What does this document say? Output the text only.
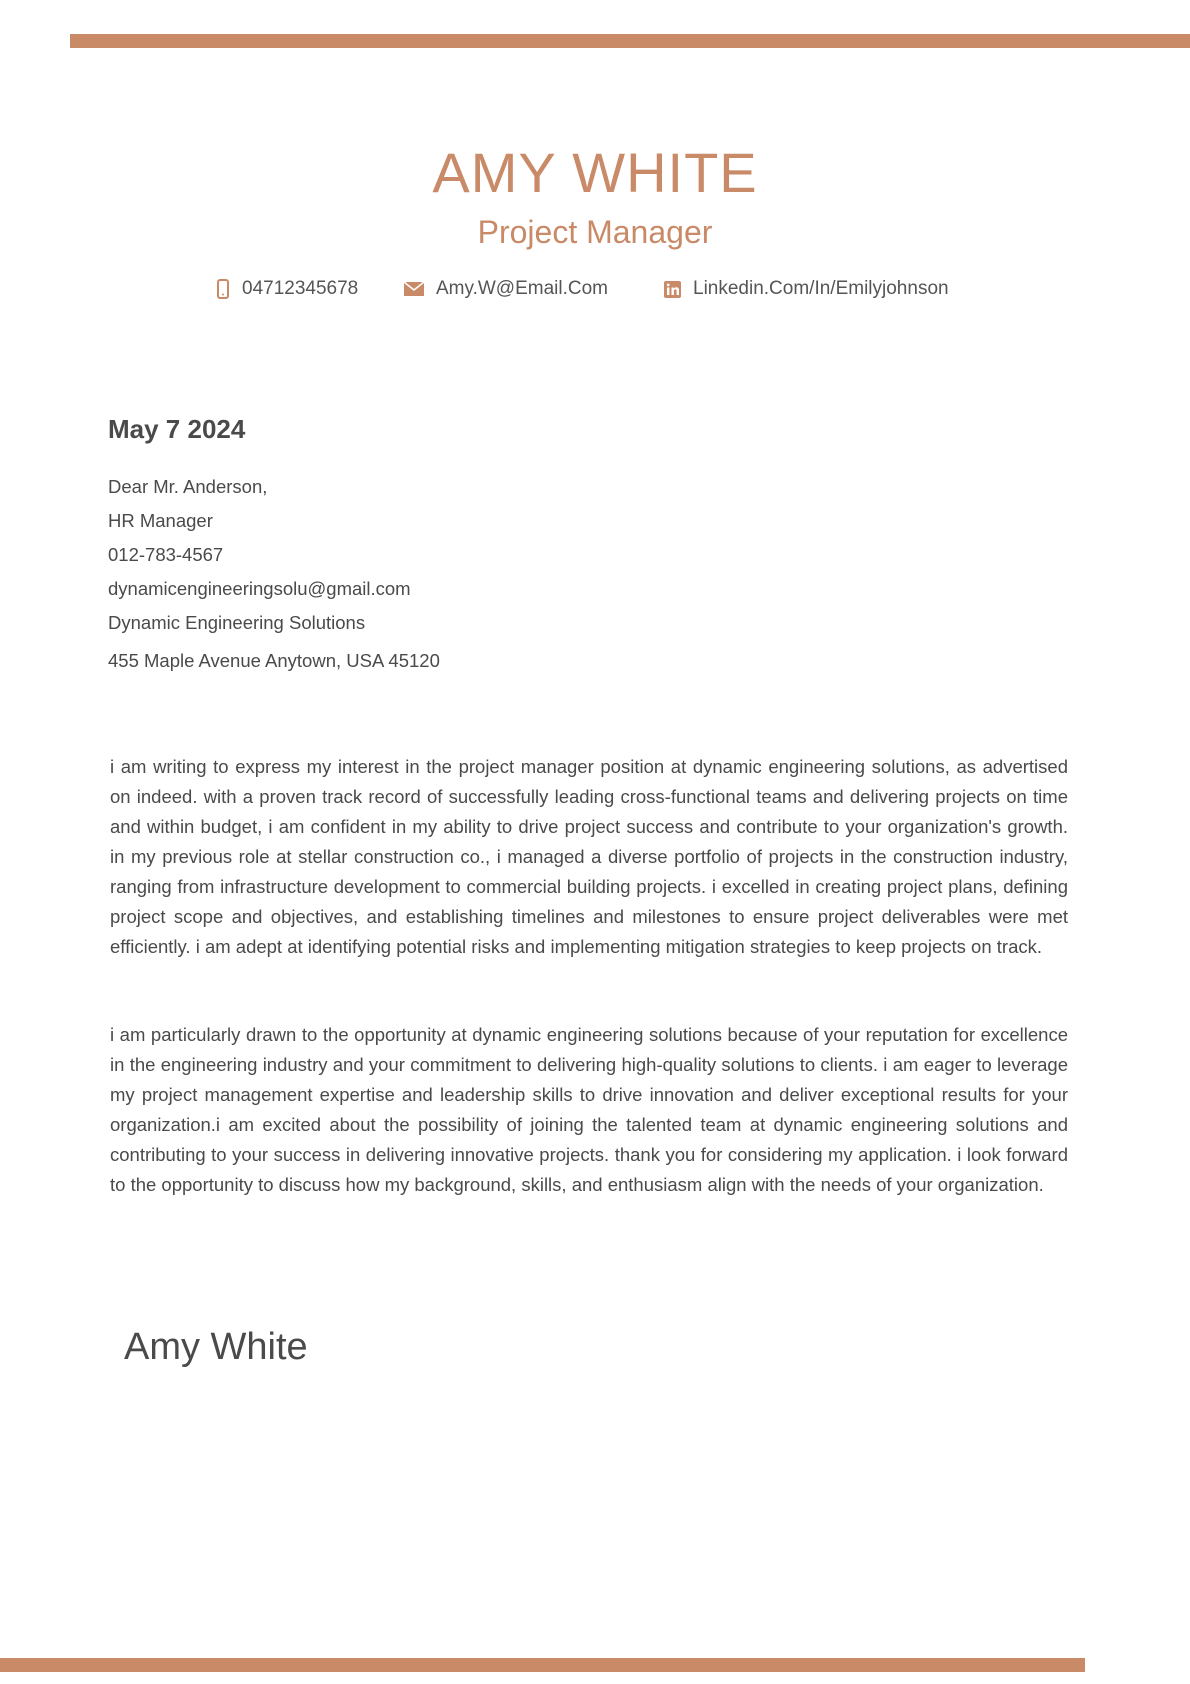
AMY WHITE
Project Manager
04712345678	Amy.W@Email.Com	Linkedin.Com/In/Emilyjohnson
May 7 2024
Dear Mr. Anderson,
HR Manager
012-783-4567
dynamicengineeringsolu@gmail.com
Dynamic Engineering Solutions
455 Maple Avenue Anytown, USA 45120

i am writing to express my interest in the project manager position at dynamic engineering solutions, as advertised on indeed. with a proven track record of successfully leading cross-functional teams and delivering projects on time and within budget, i am confident in my ability to drive project success and contribute to your organization's growth. in my previous role at stellar construction co., i managed a diverse portfolio of projects in the construction industry, ranging from infrastructure development to commercial building projects. i excelled in creating project plans, defining project scope and objectives, and establishing timelines and milestones to ensure project deliverables were met efficiently. i am adept at identifying potential risks and implementing mitigation strategies to keep projects on track.

i am particularly drawn to the opportunity at dynamic engineering solutions because of your reputation for excellence in the engineering industry and your commitment to delivering high-quality solutions to clients. i am eager to leverage my project management expertise and leadership skills to drive innovation and deliver exceptional results for your organization.i am excited about the possibility of joining the talented team at dynamic engineering solutions and contributing to your success in delivering innovative projects. thank you for considering my application. i look forward to the opportunity to discuss how my background, skills, and enthusiasm align with the needs of your organization.

Amy White
